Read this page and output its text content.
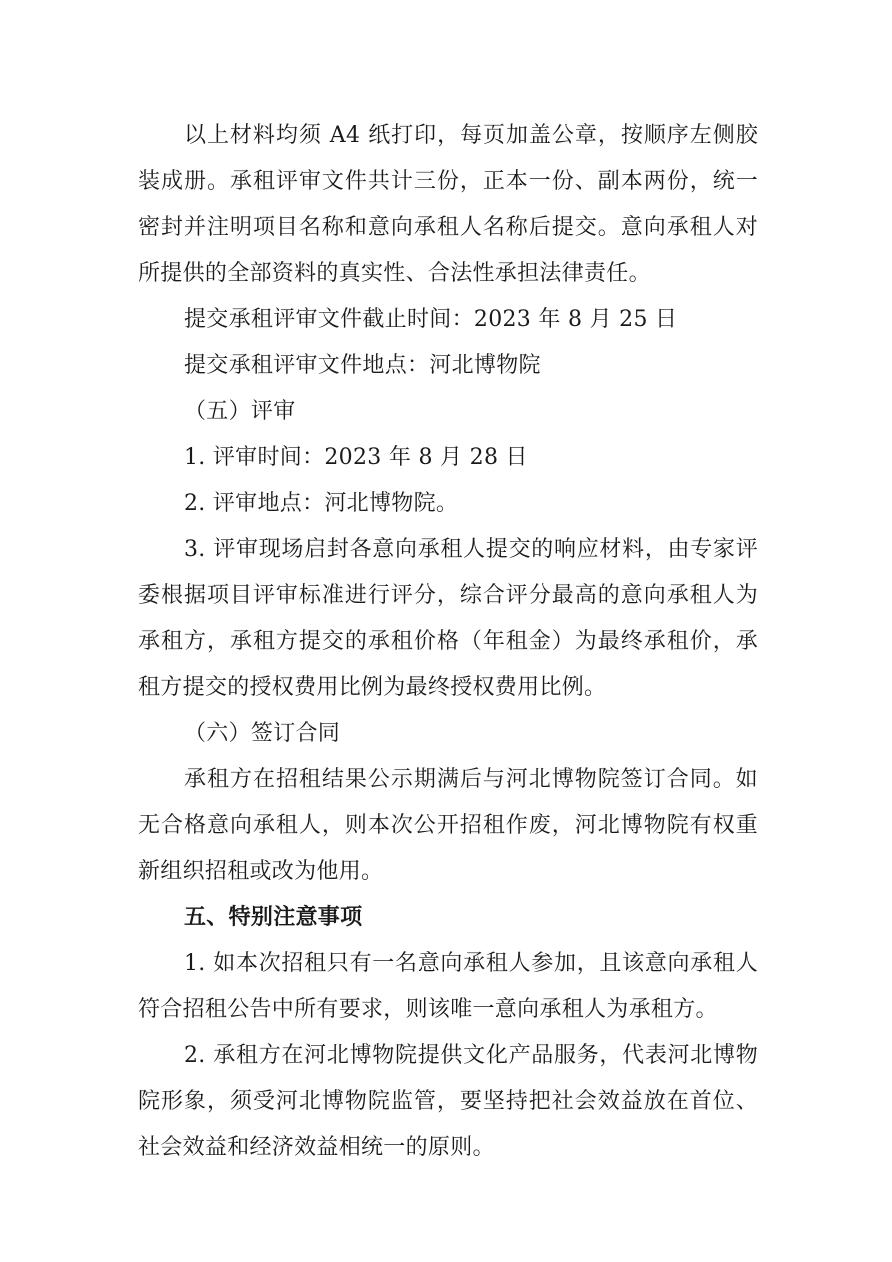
以上材料均须 A4 纸打印，每页加盖公章，按顺序左侧胶装成册。承租评审文件共计三份，正本一份、副本两份，统一密封并注明项目名称和意向承租人名称后提交。意向承租人对所提供的全部资料的真实性、合法性承担法律责任。

提交承租评审文件截止时间：2023 年 8 月 25 日

提交承租评审文件地点：河北博物院

（五）评审

1. 评审时间：2023 年 8 月 28 日

2. 评审地点：河北博物院。

3. 评审现场启封各意向承租人提交的响应材料，由专家评委根据项目评审标准进行评分，综合评分最高的意向承租人为承租方，承租方提交的承租价格（年租金）为最终承租价，承租方提交的授权费用比例为最终授权费用比例。

（六）签订合同

承租方在招租结果公示期满后与河北博物院签订合同。如无合格意向承租人，则本次公开招租作废，河北博物院有权重新组织招租或改为他用。

五、特别注意事项

1. 如本次招租只有一名意向承租人参加，且该意向承租人符合招租公告中所有要求，则该唯一意向承租人为承租方。

2. 承租方在河北博物院提供文化产品服务，代表河北博物院形象，须受河北博物院监管，要坚持把社会效益放在首位、社会效益和经济效益相统一的原则。
